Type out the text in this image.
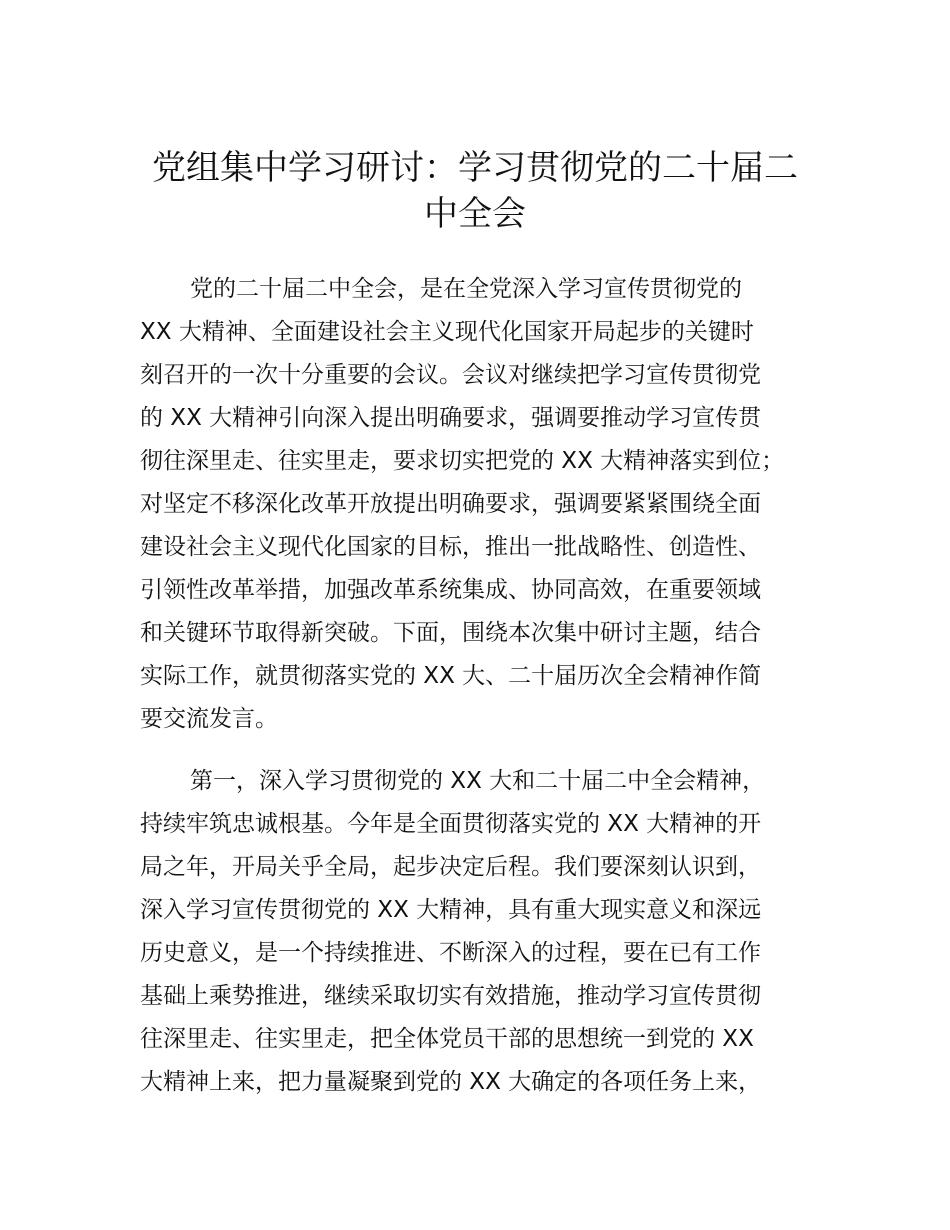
党组集中学习研讨：学习贯彻党的二十届二
中全会
党的二十届二中全会，是在全党深入学习宣传贯彻党的
XX 大精神、全面建设社会主义现代化国家开局起步的关键时
刻召开的一次十分重要的会议。会议对继续把学习宣传贯彻党
的 XX 大精神引向深入提出明确要求，强调要推动学习宣传贯
彻往深里走、往实里走，要求切实把党的 XX 大精神落实到位；
对坚定不移深化改革开放提出明确要求，强调要紧紧围绕全面
建设社会主义现代化国家的目标，推出一批战略性、创造性、
引领性改革举措，加强改革系统集成、协同高效，在重要领域
和关键环节取得新突破。下面，围绕本次集中研讨主题，结合
实际工作，就贯彻落实党的 XX 大、二十届历次全会精神作简
要交流发言。
第一，深入学习贯彻党的 XX 大和二十届二中全会精神，
持续牢筑忠诚根基。今年是全面贯彻落实党的 XX 大精神的开
局之年，开局关乎全局，起步决定后程。我们要深刻认识到，
深入学习宣传贯彻党的 XX 大精神，具有重大现实意义和深远
历史意义，是一个持续推进、不断深入的过程，要在已有工作
基础上乘势推进，继续采取切实有效措施，推动学习宣传贯彻
往深里走、往实里走，把全体党员干部的思想统一到党的 XX
大精神上来，把力量凝聚到党的 XX 大确定的各项任务上来，
